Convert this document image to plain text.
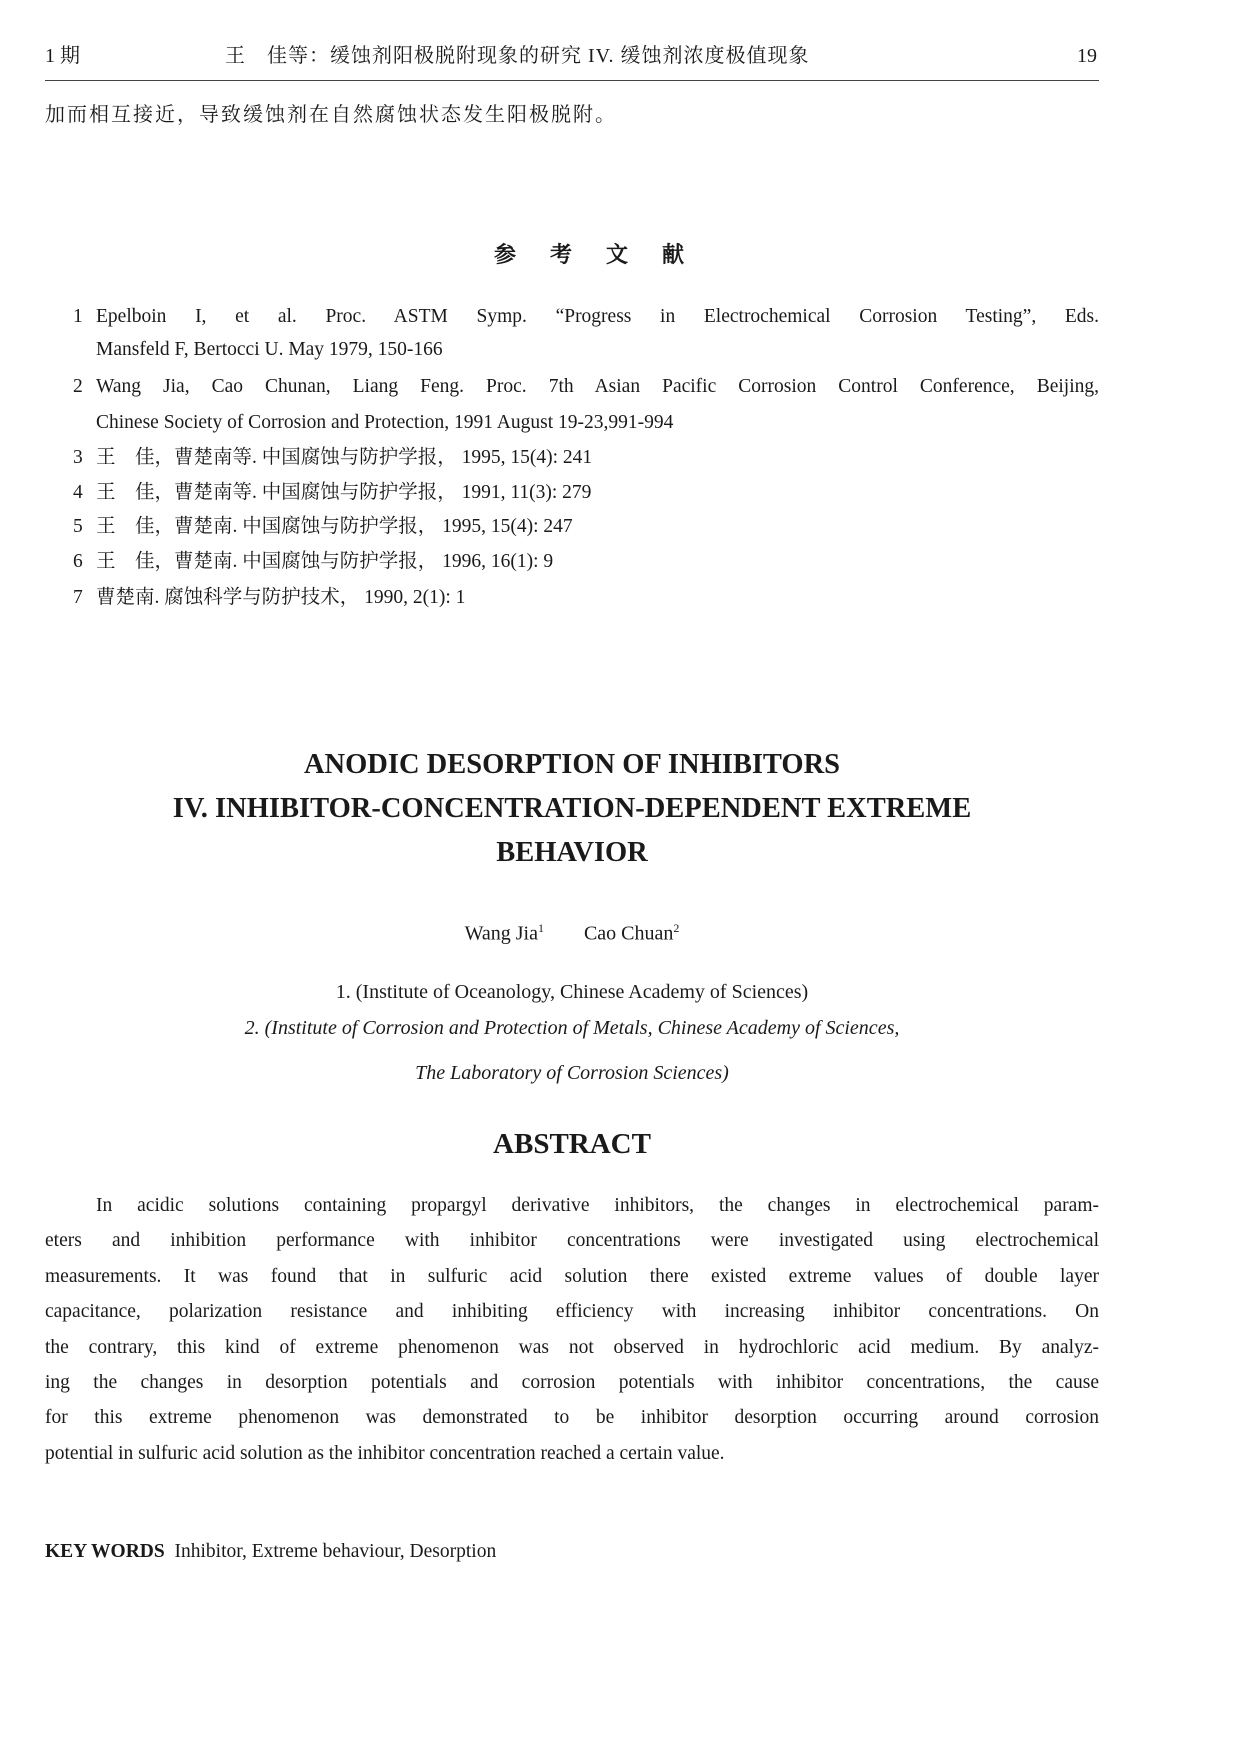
1 期	王　佳等：缓蚀剂阳极脱附现象的研究 IV. 缓蚀剂浓度极值现象	19
加而相互接近，导致缓蚀剂在自然腐蚀状态发生阳极脱附。
参考文献
1 Epelboin I, et al. Proc. ASTM Symp. “Progress in Electrochemical Corrosion Testing”, Eds.
Mansfeld F, Bertocci U. May 1979, 150-166
2 Wang Jia, Cao Chunan, Liang Feng. Proc. 7th Asian Pacific Corrosion Control Conference, Beijing,
Chinese Society of Corrosion and Protection, 1991 August 19-23,991-994
3 王　佳，曹楚南等. 中国腐蚀与防护学报， 1995, 15(4): 241
4 王　佳，曹楚南等. 中国腐蚀与防护学报， 1991, 11(3): 279
5 王　佳，曹楚南. 中国腐蚀与防护学报， 1995, 15(4): 247
6 王　佳，曹楚南. 中国腐蚀与防护学报， 1996, 16(1): 9
7 曹楚南. 腐蚀科学与防护技术， 1990, 2(1): 1
ANODIC DESORPTION OF INHIBITORS
IV. INHIBITOR-CONCENTRATION-DEPENDENT EXTREME
BEHAVIOR
Wang Jia$^1$ Cao Chuan$^2$
1. (Institute of Oceanology, Chinese Academy of Sciences)
2. (Institute of Corrosion and Protection of Metals, Chinese Academy of Sciences,
The Laboratory of Corrosion Sciences)
ABSTRACT
In acidic solutions containing propargyl derivative inhibitors, the changes in electrochemical param-
eters and inhibition performance with inhibitor concentrations were investigated using electrochemical
measurements. It was found that in sulfuric acid solution there existed extreme values of double layer
capacitance, polarization resistance and inhibiting efficiency with increasing inhibitor concentrations. On
the contrary, this kind of extreme phenomenon was not observed in hydrochloric acid medium. By analyz-
ing the changes in desorption potentials and corrosion potentials with inhibitor concentrations, the cause
for this extreme phenomenon was demonstrated to be inhibitor desorption occurring around corrosion
potential in sulfuric acid solution as the inhibitor concentration reached a certain value.
KEY WORDS Inhibitor, Extreme behaviour, Desorption
